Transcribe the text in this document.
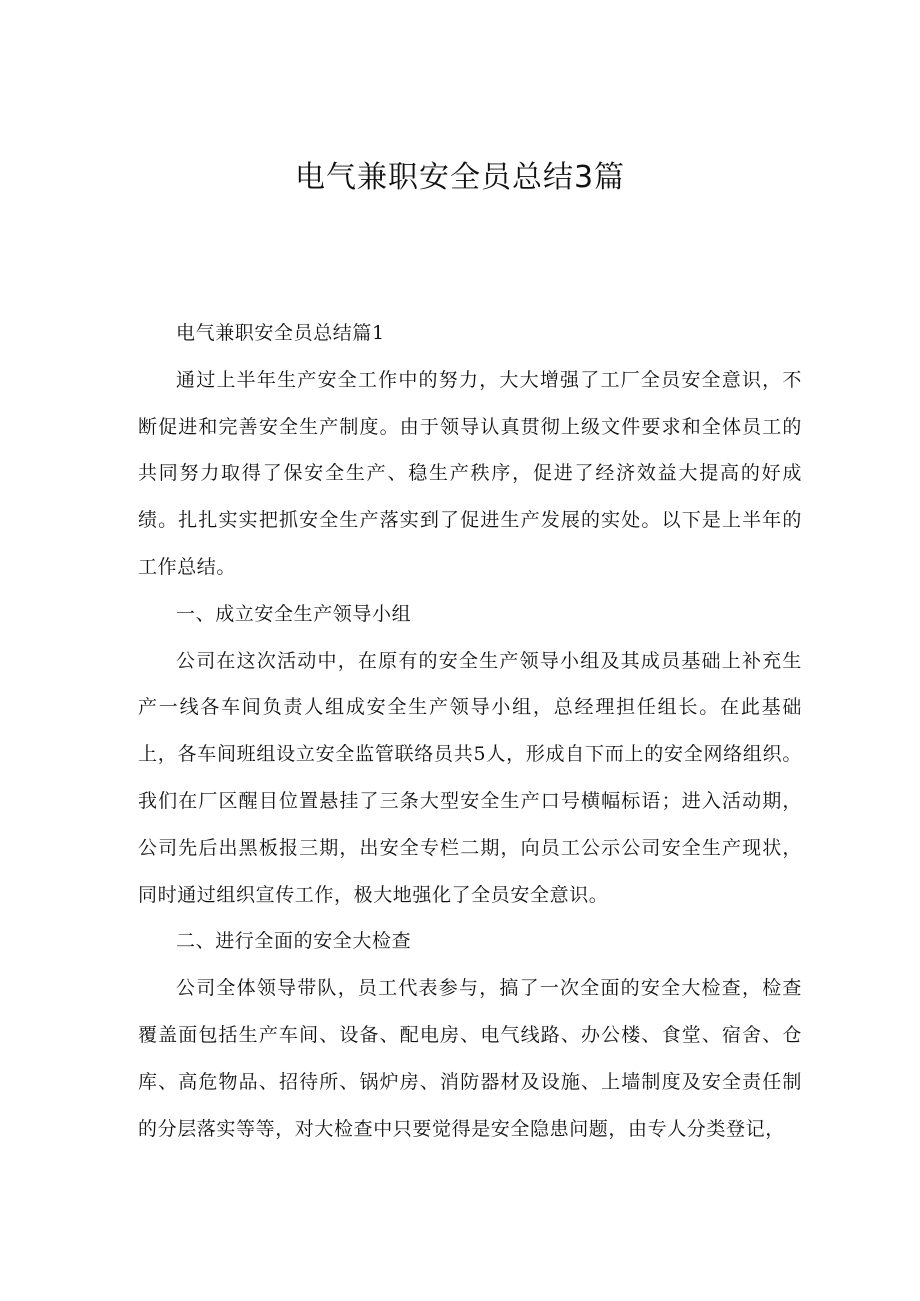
电气兼职安全员总结3篇

电气兼职安全员总结篇1

通过上半年生产安全工作中的努力，大大增强了工厂全员安全意识，不断促进和完善安全生产制度。由于领导认真贯彻上级文件要求和全体员工的共同努力取得了保安全生产、稳生产秩序，促进了经济效益大提高的好成绩。扎扎实实把抓安全生产落实到了促进生产发展的实处。以下是上半年的工作总结。

一、成立安全生产领导小组

公司在这次活动中，在原有的安全生产领导小组及其成员基础上补充生产一线各车间负责人组成安全生产领导小组，总经理担任组长。在此基础上，各车间班组设立安全监管联络员共5人，形成自下而上的安全网络组织。我们在厂区醒目位置悬挂了三条大型安全生产口号横幅标语；进入活动期，公司先后出黑板报三期，出安全专栏二期，向员工公示公司安全生产现状，同时通过组织宣传工作，极大地强化了全员安全意识。

二、进行全面的安全大检查

公司全体领导带队，员工代表参与，搞了一次全面的安全大检查，检查覆盖面包括生产车间、设备、配电房、电气线路、办公楼、食堂、宿舍、仓库、高危物品、招待所、锅炉房、消防器材及设施、上墙制度及安全责任制的分层落实等等，对大检查中只要觉得是安全隐患问题，由专人分类登记，
